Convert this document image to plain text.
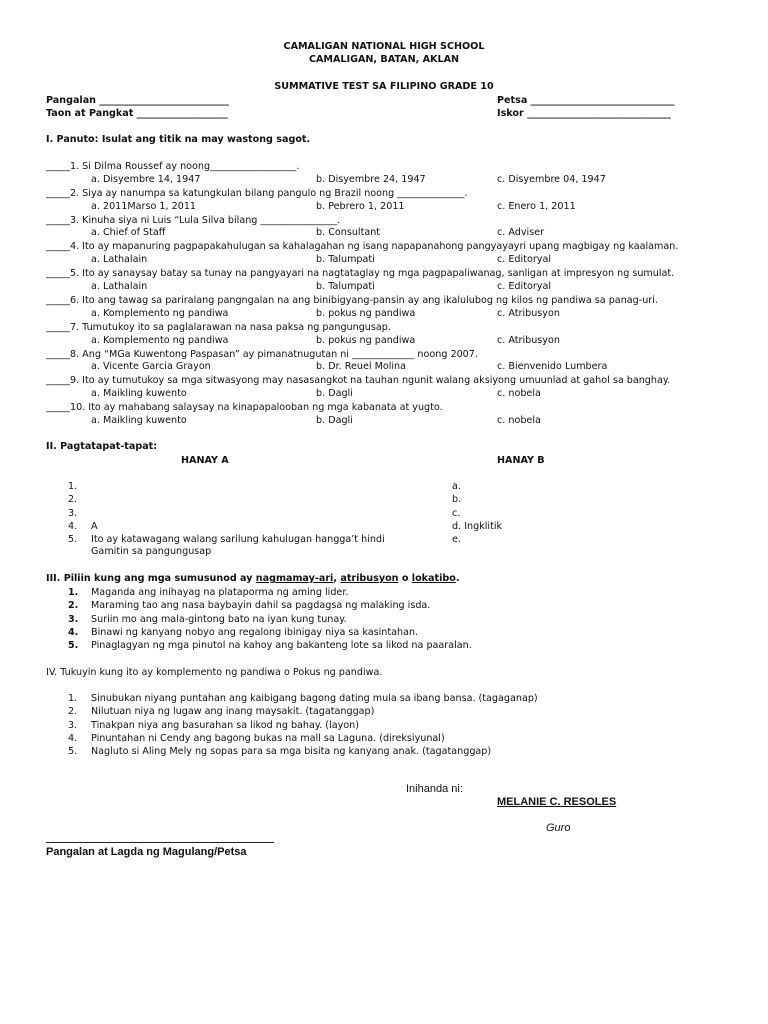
CAMALIGAN NATIONAL HIGH SCHOOL
CAMALIGAN, BATAN, AKLAN
SUMMATIVE TEST SA FILIPINO GRADE 10
Pangalan ___________________________	Petsa ______________________________
Taon at Pangkat ___________________	Iskor ______________________________
I. Panuto: Isulat ang titik na may wastong sagot.
_____1. Si Dilma Roussef ay noong__________________.
a. Disyembre 14, 1947	b. Disyembre 24, 1947	c. Disyembre 04, 1947
_____2. Siya ay nanumpa sa katungkulan bilang pangulo ng Brazil noong ______________.
a. 2011Marso 1, 2011	b. Pebrero 1, 2011	c. Enero 1, 2011
_____3. Kinuha siya ni Luis “Lula Silva bilang ________________.
a. Chief of Staff	b. Consultant	c. Adviser
_____4. Ito ay mapanuring pagpapakahulugan sa kahalagahan ng isang napapanahong pangyayayri upang magbigay ng kaalaman.
a. Lathalain	b. Talumpati	c. Editoryal
_____5. Ito ay sanaysay batay sa tunay na pangyayari na nagtataglay ng mga pagpapaliwanag, sanligan at impresyon ng sumulat.
a. Lathalain	b. Talumpati	c. Editoryal
_____6. Ito ang tawag sa pariralang pangngalan na ang binibigyang-pansin ay ang ikalulubog ng kilos ng pandiwa sa panag-uri.
a. Komplemento ng pandiwa	b. pokus ng pandiwa	c. Atribusyon
_____7. Tumutukoy ito sa paglalarawan na nasa paksa ng pangungusap.
a. Komplemento ng pandiwa	b. pokus ng pandiwa	c. Atribusyon
_____8. Ang “MGa Kuwentong Paspasan” ay pimanatnugutan ni _____________ noong 2007.
a. Vicente Garcia Grayon	b. Dr. Reuel Molina	c. Bienvenido Lumbera
_____9. Ito ay tumutukoy sa mga sitwasyong may nasasangkot na tauhan ngunit walang aksiyong umuunlad at gahol sa banghay.
a. Maikling kuwento	b. Dagli	c. nobela
_____10. Ito ay mahabang salaysay na kinapapalooban ng mga kabanata at yugto.
a. Maikling kuwento	b. Dagli	c. nobela
II. Pagtatapat-tapat:
HANAY A	HANAY B
1.	a.
2.	b.
3.	c.
4. A	d. Ingklitik
5. Ito ay katawagang walang sarilung kahulugan hangga’t hindi	e.
Gamitin sa pangungusap
III. Piliin kung ang mga sumusunod ay nagmamay-ari, atribusyon o lokatibo.
1. Maganda ang inihayag na plataporma ng aming lider.
2. Maraming tao ang nasa baybayin dahil sa pagdagsa ng malaking isda.
3. Suriin mo ang mala-gintong bato na iyan kung tunay.
4. Binawi ng kanyang nobyo ang regalong ibinigay niya sa kasintahan.
5. Pinaglagyan ng mga pinutol na kahoy ang bakanteng lote sa likod na paaralan.
IV. Tukuyin kung ito ay komplemento ng pandiwa o Pokus ng pandiwa.
1. Sinubukan niyang puntahan ang kaibigang bagong dating mula sa ibang bansa. (tagaganap)
2. Nilutuan niya ng lugaw ang inang maysakit. (tagatanggap)
3. Tinakpan niya ang basurahan sa likod ng bahay. (layon)
4. Pinuntahan ni Cendy ang bagong bukas na mall sa Laguna. (direksiyunal)
5. Nagluto si Aling Mely ng sopas para sa mga bisita ng kanyang anak. (tagatanggap)
Inihanda ni:
MELANIE C. RESOLES
Guro
Pangalan at Lagda ng Magulang/Petsa
